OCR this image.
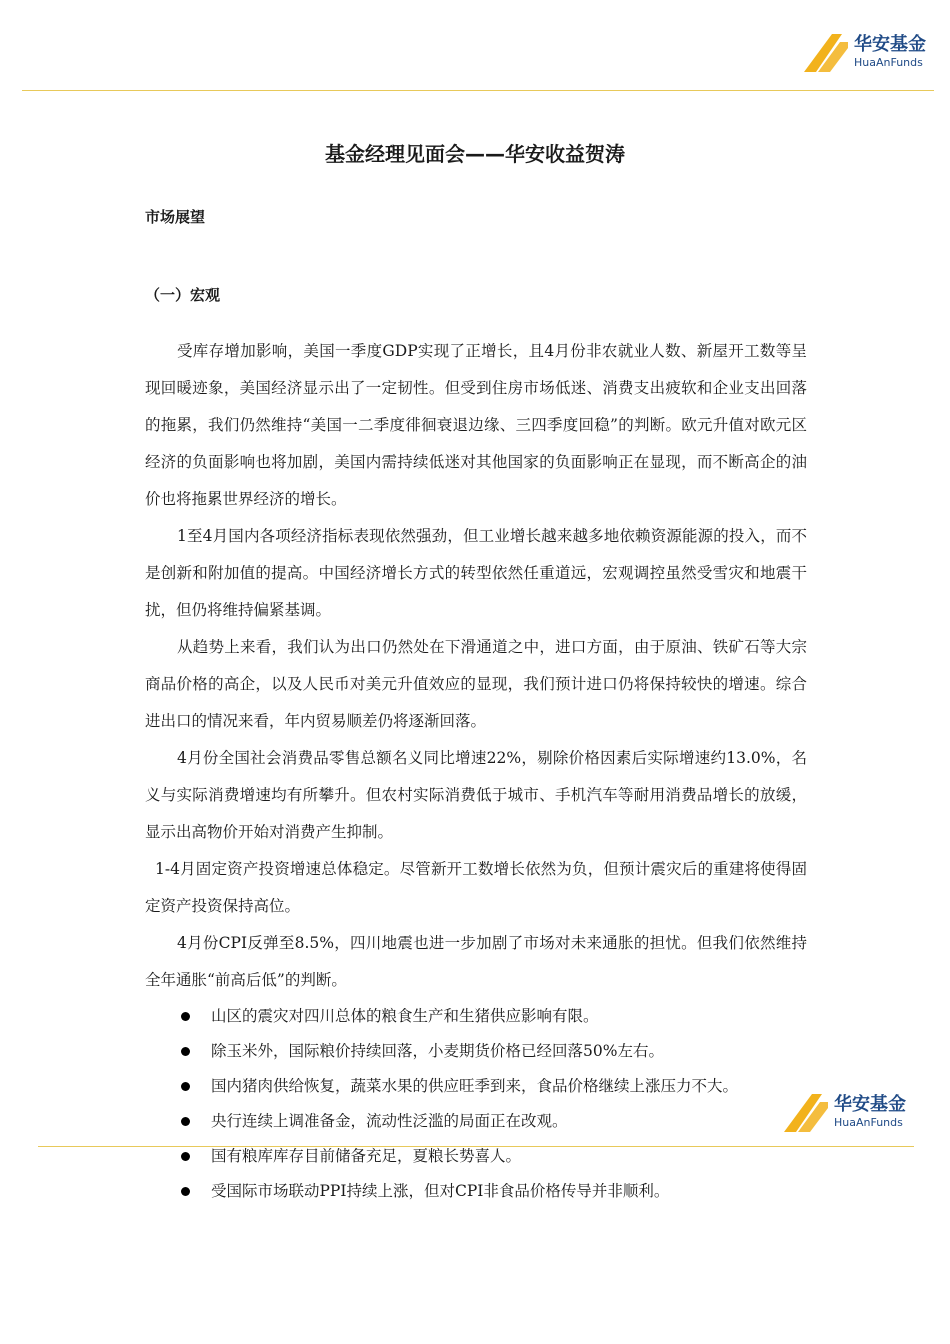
华安基金
HuaAnFunds
基金经理见面会——华安收益贺涛
市场展望
（一）宏观

受库存增加影响，美国一季度GDP实现了正增长，且4月份非农就业人数、新屋开工数等呈现回暖迹象，美国经济显示出了一定韧性。但受到住房市场低迷、消费支出疲软和企业支出回落的拖累，我们仍然维持“美国一二季度徘徊衰退边缘、三四季度回稳”的判断。欧元升值对欧元区经济的负面影响也将加剧，美国内需持续低迷对其他国家的负面影响正在显现，而不断高企的油价也将拖累世界经济的增长。

1至4月国内各项经济指标表现依然强劲，但工业增长越来越多地依赖资源能源的投入，而不是创新和附加值的提高。中国经济增长方式的转型依然任重道远，宏观调控虽然受雪灾和地震干扰，但仍将维持偏紧基调。

从趋势上来看，我们认为出口仍然处在下滑通道之中，进口方面，由于原油、铁矿石等大宗商品价格的高企，以及人民币对美元升值效应的显现，我们预计进口仍将保持较快的增速。综合进出口的情况来看，年内贸易顺差仍将逐渐回落。

4月份全国社会消费品零售总额名义同比增速22%，剔除价格因素后实际增速约13.0%，名义与实际消费增速均有所攀升。但农村实际消费低于城市、手机汽车等耐用消费品增长的放缓，显示出高物价开始对消费产生抑制。

1-4月固定资产投资增速总体稳定。尽管新开工数增长依然为负，但预计震灾后的重建将使得固定资产投资保持高位。

4月份CPI反弹至8.5%，四川地震也进一步加剧了市场对未来通胀的担忧。但我们依然维持全年通胀“前高后低”的判断。

山区的震灾对四川总体的粮食生产和生猪供应影响有限。
除玉米外，国际粮价持续回落，小麦期货价格已经回落50%左右。
国内猪肉供给恢复，蔬菜水果的供应旺季到来，食品价格继续上涨压力不大。
央行连续上调准备金，流动性泛滥的局面正在改观。
国有粮库库存目前储备充足，夏粮长势喜人。
受国际市场联动PPI持续上涨，但对CPI非食品价格传导并非顺利。
华安基金
HuaAnFunds
